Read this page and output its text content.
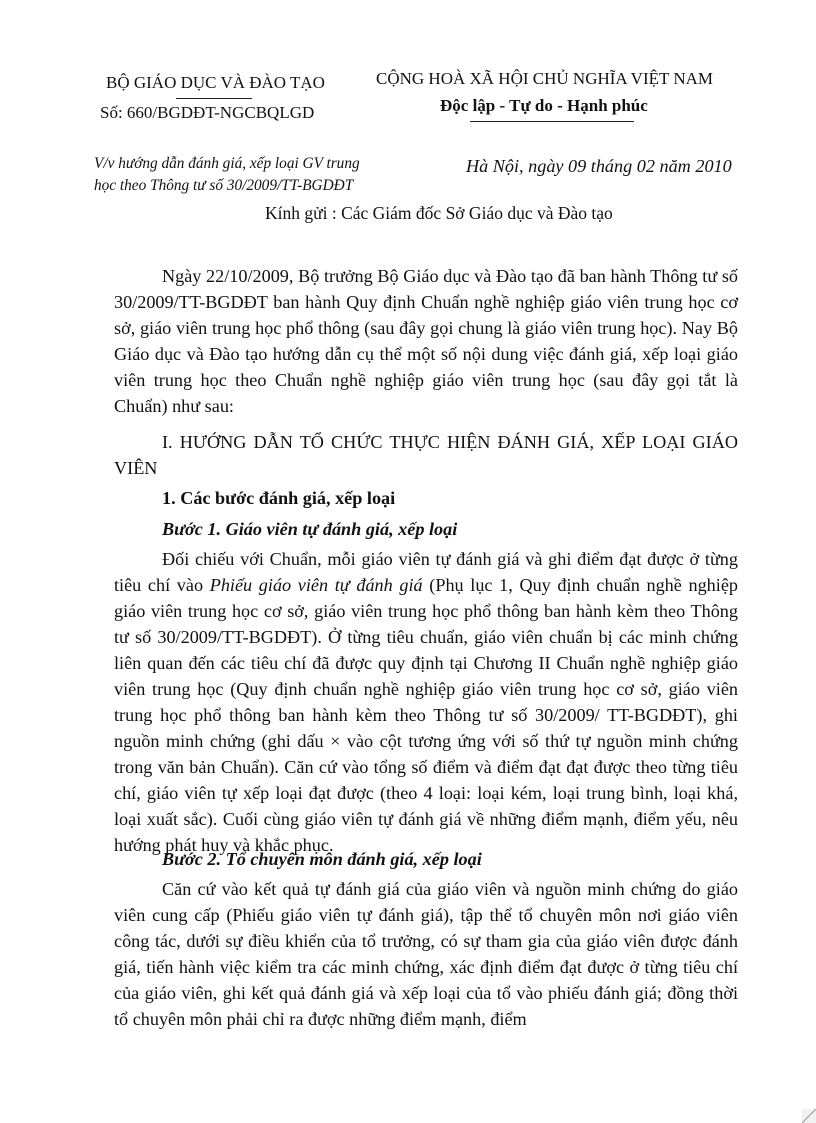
BỘ GIÁO DỤC VÀ ĐÀO TẠO
Số: 660/BGDĐT-NGCBQLGD
CỘNG HOÀ XÃ HỘI CHỦ NGHĨA VIỆT NAM
Độc lập - Tự do - Hạnh phúc
V/v hướng dẫn đánh giá, xếp loại GV trung
học theo Thông tư số 30/2009/TT-BGDĐT
Hà Nội, ngày 09 tháng 02 năm 2010
Kính gửi : Các Giám đốc Sở Giáo dục và Đào tạo
Ngày 22/10/2009, Bộ trưởng Bộ Giáo dục và Đào tạo đã ban hành Thông tư số 30/2009/TT-BGDĐT ban hành Quy định Chuẩn nghề nghiệp giáo viên trung học cơ sở, giáo viên trung học phổ thông (sau đây gọi chung là giáo viên trung học). Nay Bộ Giáo dục và Đào tạo hướng dẫn cụ thể một số nội dung việc đánh giá, xếp loại giáo viên trung học theo Chuẩn nghề nghiệp giáo viên trung học (sau đây gọi tắt là Chuẩn) như sau:
I. HƯỚNG DẪN TỔ CHỨC THỰC HIỆN ĐÁNH GIÁ, XẾP LOẠI GIÁO VIÊN
1. Các bước đánh giá, xếp loại
Bước 1. Giáo viên tự đánh giá, xếp loại
Đối chiếu với Chuẩn, mỗi giáo viên tự đánh giá và ghi điểm đạt được ở từng tiêu chí vào Phiếu giáo viên tự đánh giá (Phụ lục 1, Quy định chuẩn nghề nghiệp giáo viên trung học cơ sở, giáo viên trung học phổ thông ban hành kèm theo Thông tư số 30/2009/TT-BGDĐT). Ở từng tiêu chuẩn, giáo viên chuẩn bị các minh chứng liên quan đến các tiêu chí đã được quy định tại Chương II Chuẩn nghề nghiệp giáo viên trung học (Quy định chuẩn nghề nghiệp giáo viên trung học cơ sở, giáo viên trung học phổ thông ban hành kèm theo Thông tư số 30/2009/ TT-BGDĐT), ghi nguồn minh chứng (ghi dấu × vào cột tương ứng với số thứ tự nguồn minh chứng trong văn bản Chuẩn). Căn cứ vào tổng số điểm và điểm đạt đạt được theo từng tiêu chí, giáo viên tự xếp loại đạt được (theo 4 loại: loại kém, loại trung bình, loại khá, loại xuất sắc). Cuối cùng giáo viên tự đánh giá về những điểm mạnh, điểm yếu, nêu hướng phát huy và khắc phục.
Bước 2. Tổ chuyên môn đánh giá, xếp loại
Căn cứ vào kết quả tự đánh giá của giáo viên và nguồn minh chứng do giáo viên cung cấp (Phiếu giáo viên tự đánh giá), tập thể tổ chuyên môn nơi giáo viên công tác, dưới sự điều khiển của tổ trưởng, có sự tham gia của giáo viên được đánh giá, tiến hành việc kiểm tra các minh chứng, xác định điểm đạt được ở từng tiêu chí của giáo viên, ghi kết quả đánh giá và xếp loại của tổ vào phiếu đánh giá; đồng thời tổ chuyên môn phải chỉ ra được những điểm mạnh, điểm
